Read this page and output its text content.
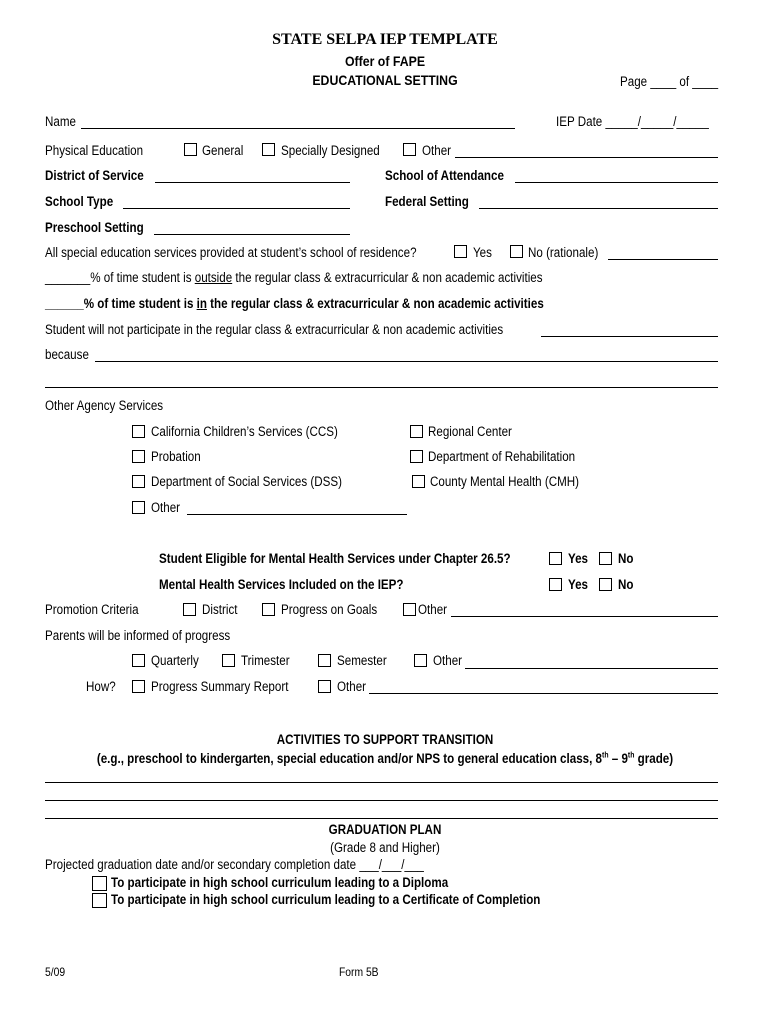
STATE SELPA IEP TEMPLATE
Offer of FAPE
EDUCATIONAL SETTING	Page ____ of ____
Name	IEP Date _____/_____/_____
Physical Education	General	Specially Designed	Other
District of Service	School of Attendance
School Type	Federal Setting
Preschool Setting
All special education services provided at student’s school of residence?	Yes	No (rationale)
_______% of time student is outside the regular class & extracurricular & non academic activities
______% of time student is in the regular class & extracurricular & non academic activities
Student will not participate in the regular class & extracurricular & non academic activities
because
Other Agency Services
California Children’s Services (CCS)	Regional Center
Probation	Department of Rehabilitation
Department of Social Services (DSS)	County Mental Health (CMH)
Other
Student Eligible for Mental Health Services under Chapter 26.5?	Yes No
Mental Health Services Included on the IEP?	Yes No
Promotion Criteria	District	Progress on Goals	Other
Parents will be informed of progress
Quarterly	Trimester	Semester	Other
How?	Progress Summary Report	Other
ACTIVITIES TO SUPPORT TRANSITION
(e.g., preschool to kindergarten, special education and/or NPS to general education class, 8th – 9th grade)
GRADUATION PLAN
(Grade 8 and Higher)
Projected graduation date and/or secondary completion date ___/___/___
To participate in high school curriculum leading to a Diploma
To participate in high school curriculum leading to a Certificate of Completion
5/09	Form 5B
